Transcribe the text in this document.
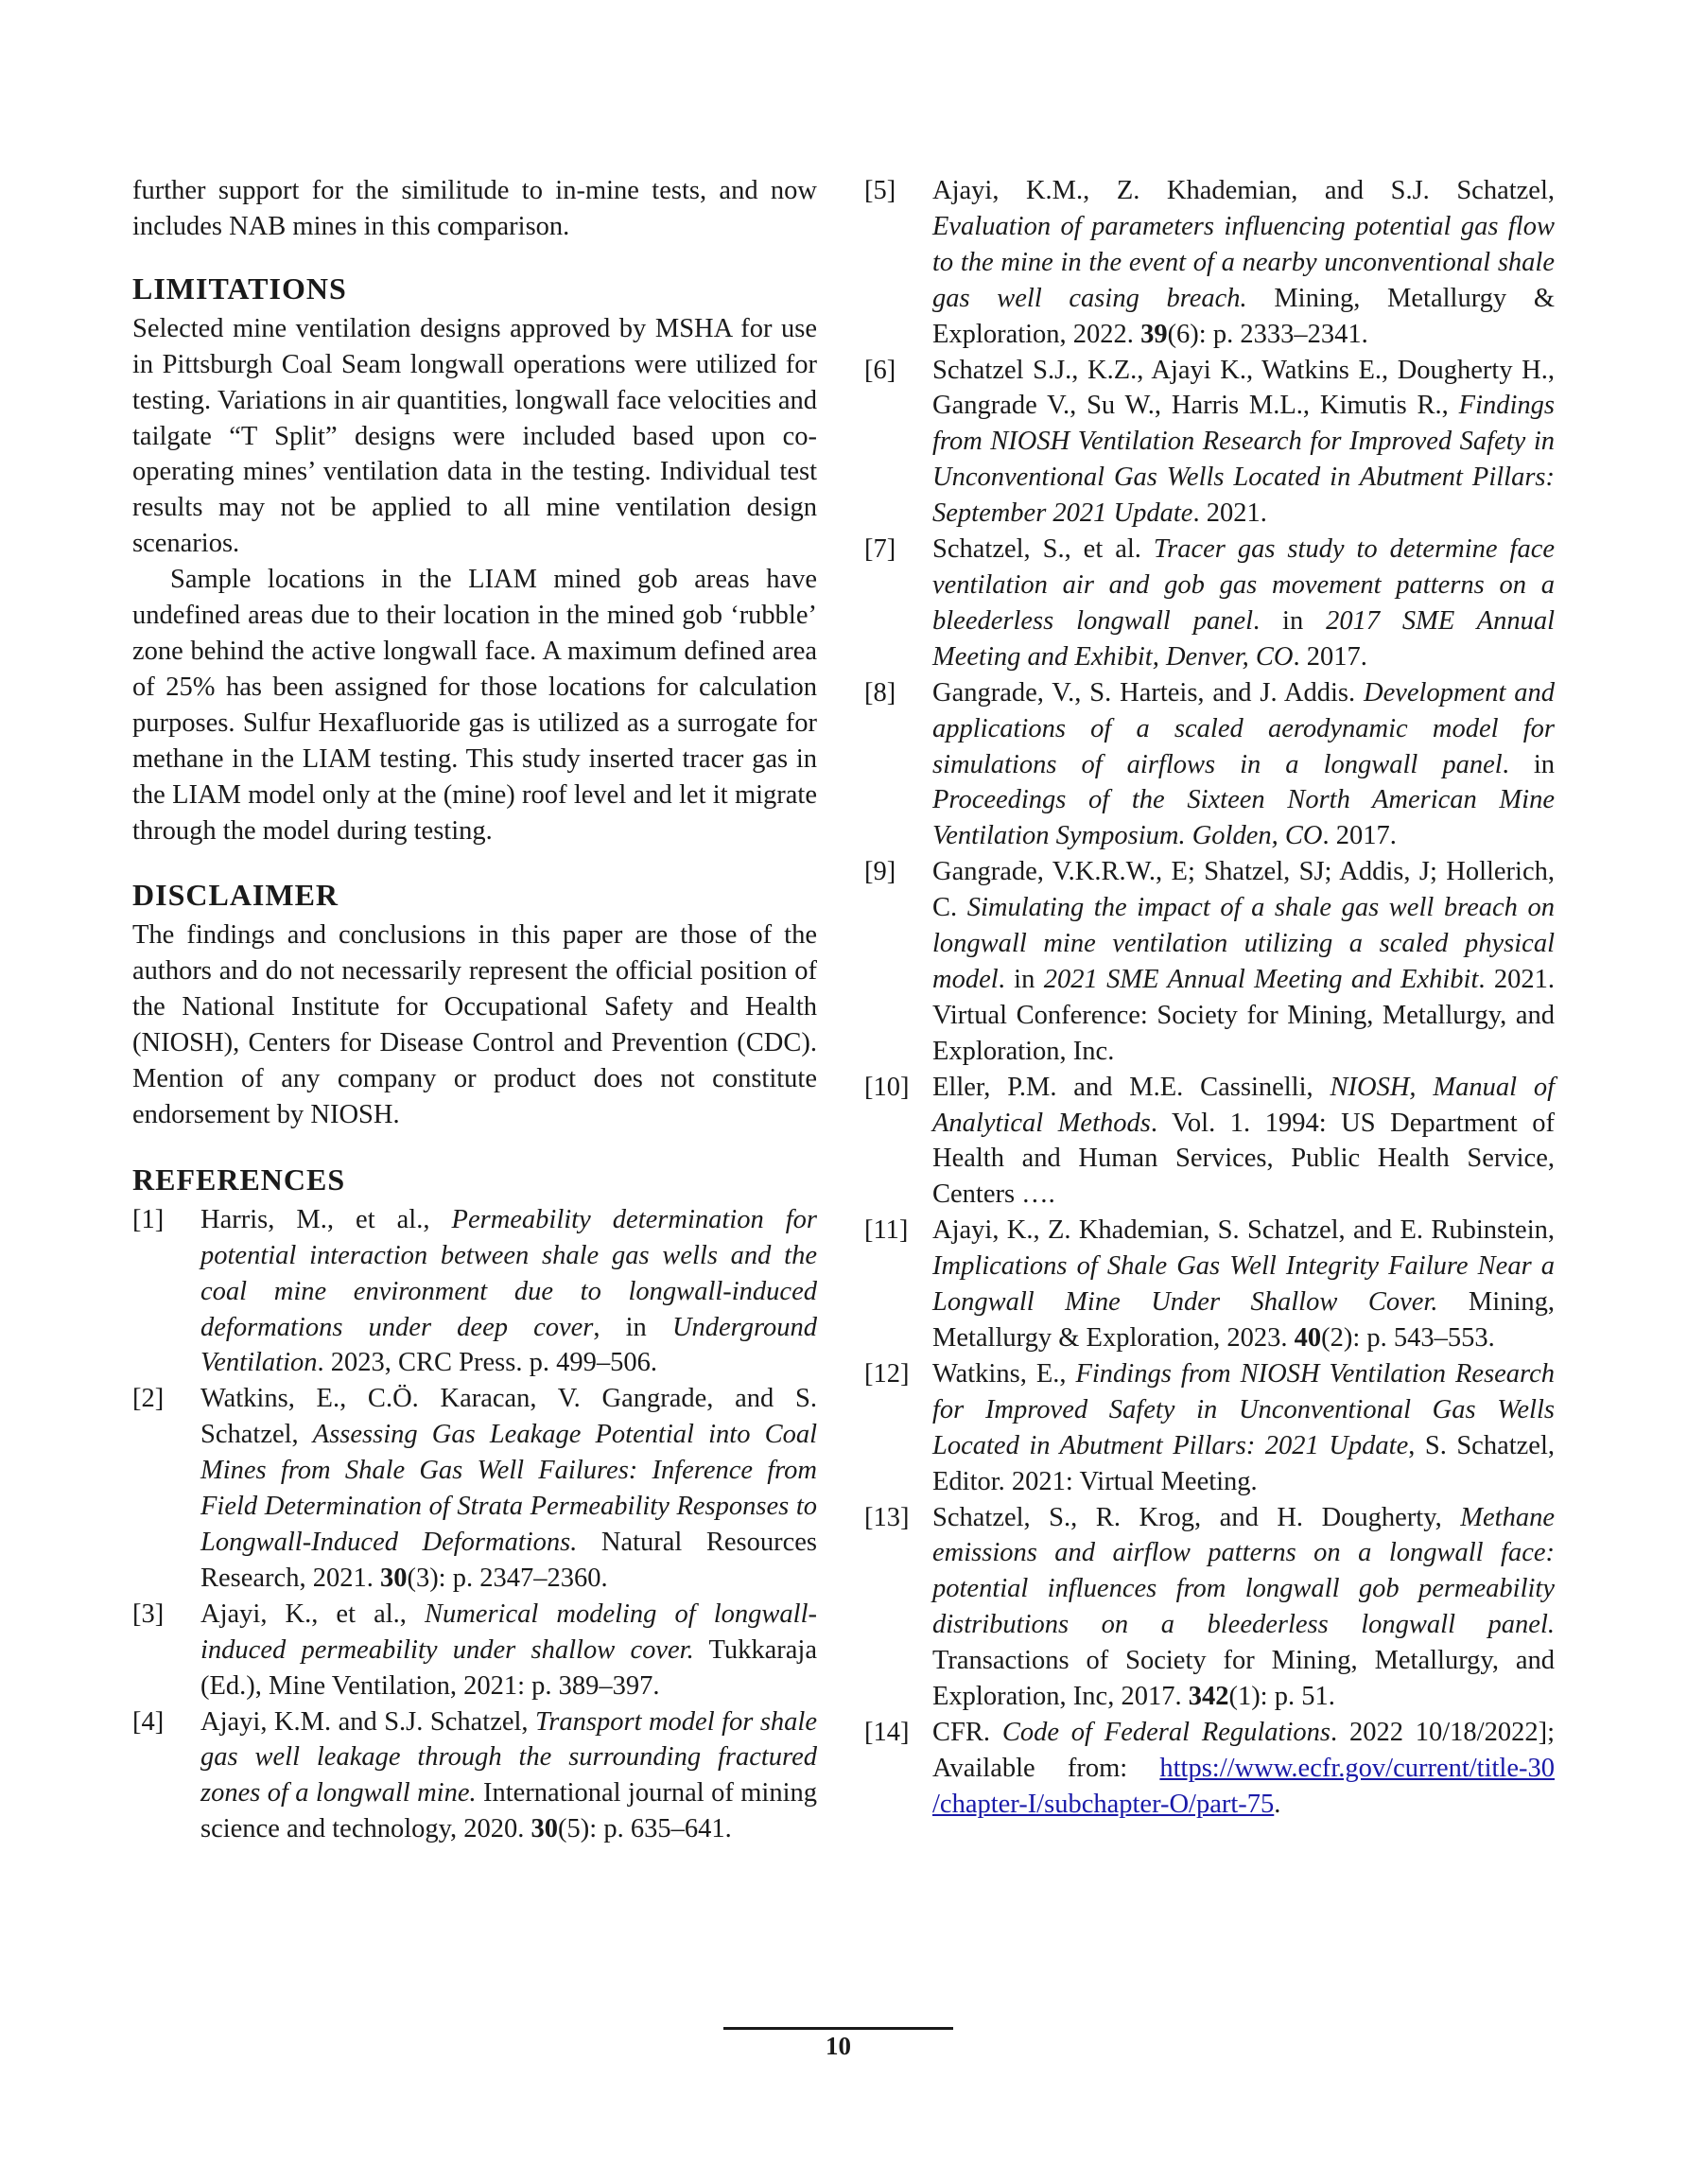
further support for the similitude to in-mine tests, and now includes NAB mines in this comparison.

LIMITATIONS

Selected mine ventilation designs approved by MSHA for use in Pittsburgh Coal Seam longwall operations were utilized for testing. Variations in air quantities, longwall face velocities and tailgate “T Split” designs were included based upon co-operating mines’ ventilation data in the testing. Individual test results may not be applied to all mine ventilation design scenarios.

Sample locations in the LIAM mined gob areas have undefined areas due to their location in the mined gob ‘rubble’ zone behind the active longwall face. A maximum defined area of 25% has been assigned for those locations for calculation purposes. Sulfur Hexafluoride gas is utilized as a surrogate for methane in the LIAM testing. This study inserted tracer gas in the LIAM model only at the (mine) roof level and let it migrate through the model during testing.

DISCLAIMER

The findings and conclusions in this paper are those of the authors and do not necessarily represent the official position of the National Institute for Occupational Safety and Health (NIOSH), Centers for Disease Control and Prevention (CDC). Mention of any company or product does not constitute endorsement by NIOSH.

REFERENCES
[1]	Harris, M., et al., Permeability determination for potential interaction between shale gas wells and the coal mine environment due to longwall-induced deformations under deep cover, in Underground Ventilation. 2023, CRC Press. p. 499–506.
[2]	Watkins, E., C.Ö. Karacan, V. Gangrade, and S. Schatzel, Assessing Gas Leakage Potential into Coal Mines from Shale Gas Well Failures: Inference from Field Determination of Strata Permeability Responses to Longwall-Induced Deformations. Natural Resources Research, 2021. 30(3): p. 2347–2360.
[3]	Ajayi, K., et al., Numerical modeling of longwall-induced permeability under shallow cover. Tukkaraja (Ed.), Mine Ventilation, 2021: p. 389–397.
[4]	Ajayi, K.M. and S.J. Schatzel, Transport model for shale gas well leakage through the surrounding fractured zones of a longwall mine. International journal of mining science and technology, 2020. 30(5): p. 635–641.
[5]	Ajayi, K.M., Z. Khademian, and S.J. Schatzel, Evaluation of parameters influencing potential gas flow to the mine in the event of a nearby unconventional shale gas well casing breach. Mining, Metallurgy & Exploration, 2022. 39(6): p. 2333–2341.
[6]	Schatzel S.J., K.Z., Ajayi K., Watkins E., Dougherty H., Gangrade V., Su W., Harris M.L., Kimutis R., Findings from NIOSH Ventilation Research for Improved Safety in Unconventional Gas Wells Located in Abutment Pillars: September 2021 Update. 2021.
[7]	Schatzel, S., et al. Tracer gas study to determine face ventilation air and gob gas movement patterns on a bleederless longwall panel. in 2017 SME Annual Meeting and Exhibit, Denver, CO. 2017.
[8]	Gangrade, V., S. Harteis, and J. Addis. Development and applications of a scaled aerodynamic model for simulations of airflows in a longwall panel. in Proceedings of the Sixteen North American Mine Ventilation Symposium. Golden, CO. 2017.
[9]	Gangrade, V.K.R.W., E; Shatzel, SJ; Addis, J; Hollerich, C. Simulating the impact of a shale gas well breach on longwall mine ventilation utilizing a scaled physical model. in 2021 SME Annual Meeting and Exhibit. 2021. Virtual Conference: Society for Mining, Metallurgy, and Exploration, Inc.
[10] Eller, P.M. and M.E. Cassinelli, NIOSH, Manual of Analytical Methods. Vol. 1. 1994: US Department of Health and Human Services, Public Health Service, Centers ….
[11] Ajayi, K., Z. Khademian, S. Schatzel, and E. Rubinstein, Implications of Shale Gas Well Integrity Failure Near a Longwall Mine Under Shallow Cover. Mining, Metallurgy & Exploration, 2023. 40(2): p. 543–553.
[12] Watkins, E., Findings from NIOSH Ventilation Research for Improved Safety in Unconventional Gas Wells Located in Abutment Pillars: 2021 Update, S. Schatzel, Editor. 2021: Virtual Meeting.
[13] Schatzel, S., R. Krog, and H. Dougherty, Methane emissions and airflow patterns on a longwall face: potential influences from longwall gob permeability distributions on a bleederless longwall panel. Transactions of Society for Mining, Metallurgy, and Exploration, Inc, 2017. 342(1): p. 51.
[14] CFR. Code of Federal Regulations. 2022 10/18/2022]; Available from: https://www.ecfr.gov/current/title-30 /chapter-I/subchapter-O/part-75.
10
